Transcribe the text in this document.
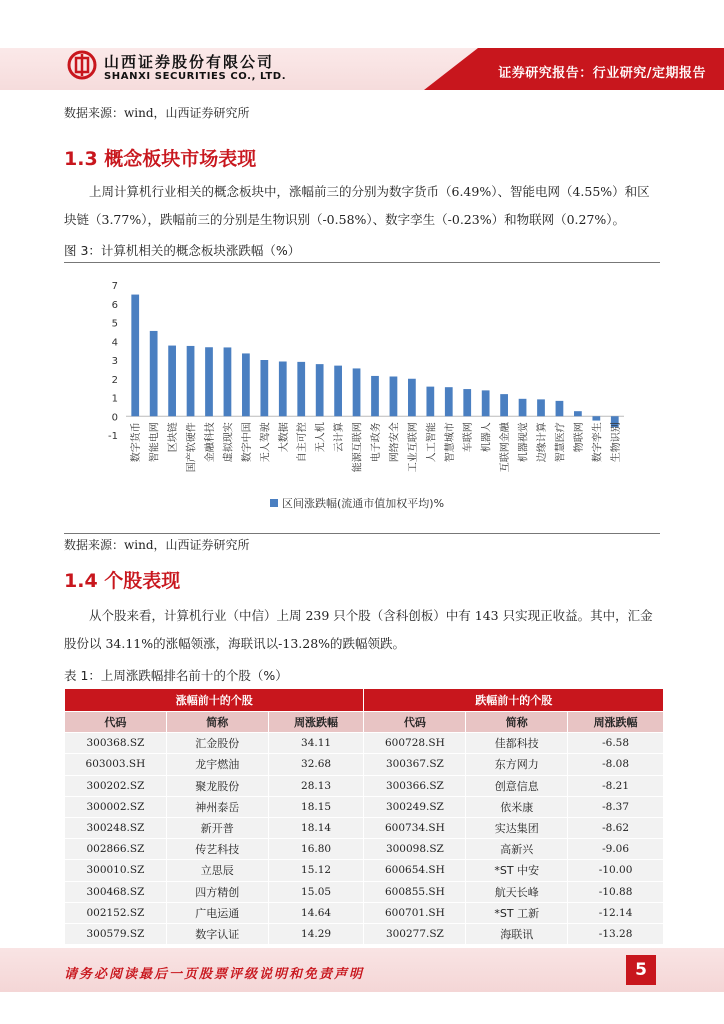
证券研究报告：行业研究/定期报告
山西证券股份有限公司
SHANXI SECURITIES CO., LTD.
数据来源：wind，山西证券研究所
1.3 概念板块市场表现
上周计算机行业相关的概念板块中，涨幅前三的分别为数字货币（6.49%）、智能电网（4.55%）和区块链（3.77%），跌幅前三的分别是生物识别（-0.58%）、数字孪生（-0.23%）和物联网（0.27%）。
图 3：计算机相关的概念板块涨跌幅（%）
7
6
5
4
3
2
1
0
-1 数字货币 智能电网 区块链 国产软硬件 金融科技 虚拟现实 数字中国 无人驾驶 大数据 自主可控 无人机 云计算 能源互联网 电子政务 网络安全 工业互联网 人工智能 智慧城市 车联网 机器人 互联网金融 机器视觉 边缘计算 智慧医疗 物联网 数字孪生 生物识别
区间涨跌幅(流通市值加权平均)%
数据来源：wind，山西证券研究所
1.4 个股表现
从个股来看，计算机行业（中信）上周 239 只个股（含科创板）中有 143 只实现正收益。其中，汇金股份以 34.11%的涨幅领涨，海联讯以-13.28%的跌幅领跌。
表 1：上周涨跌幅排名前十的个股（%）
涨幅前十的个股			跌幅前十的个股		
代码	简称	周涨跌幅	代码	简称	周涨跌幅
300368.SZ	汇金股份	34.11	600728.SH	佳都科技	-6.58
603003.SH	龙宇燃油	32.68	300367.SZ	东方网力	-8.08
300202.SZ	聚龙股份	28.13	300366.SZ	创意信息	-8.21
300002.SZ	神州泰岳	18.15	300249.SZ	依米康	-8.37
300248.SZ	新开普	18.14	600734.SH	实达集团	-8.62
002866.SZ	传艺科技	16.80	300098.SZ	高新兴	-9.06
300010.SZ	立思辰	15.12	600654.SH	*ST 中安	-10.00
300468.SZ	四方精创	15.05	600855.SH	航天长峰	-10.88
002152.SZ	广电运通	14.64	600701.SH	*ST 工新	-12.14
300579.SZ	数字认证	14.29	300277.SZ	海联讯	-13.28
请务必阅读最后一页股票评级说明和免责声明	5
